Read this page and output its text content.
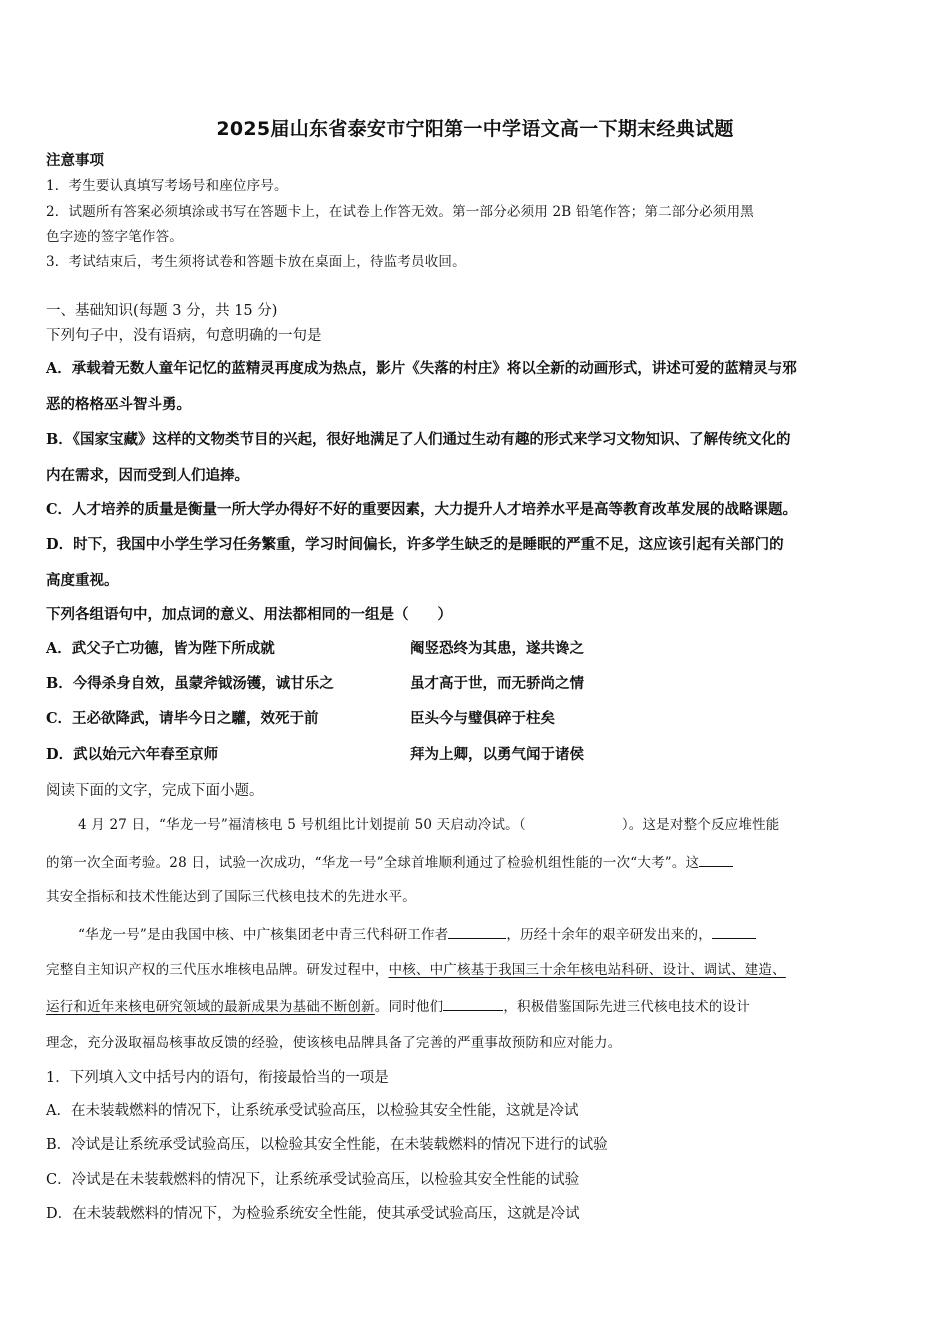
2025届山东省泰安市宁阳第一中学语文高一下期末经典试题
注意事项
1．考生要认真填写考场号和座位序号。
2．试题所有答案必须填涂或书写在答题卡上，在试卷上作答无效。第一部分必须用 2B 铅笔作答；第二部分必须用黑
色字迹的签字笔作答。
3．考试结束后，考生须将试卷和答题卡放在桌面上，待监考员收回。
一、基础知识(每题 3 分，共 15 分)
下列句子中，没有语病，句意明确的一句是
A．承载着无数人童年记忆的蓝精灵再度成为热点，影片《失落的村庄》将以全新的动画形式，讲述可爱的蓝精灵与邪
恶的格格巫斗智斗勇。
B．《国家宝藏》这样的文物类节目的兴起，很好地满足了人们通过生动有趣的形式来学习文物知识、了解传统文化的
内在需求，因而受到人们追捧。
C．人才培养的质量是衡量一所大学办得好不好的重要因素，大力提升人才培养水平是高等教育改革发展的战略课题。
D．时下，我国中小学生学习任务繁重，学习时间偏长，许多学生缺乏的是睡眠的严重不足，这应该引起有关部门的
高度重视。
下列各组语句中，加点词的意义、用法都相同的一组是（　　）
A．武父子亡功德，皆为陛下所成就	阉竖恐终为其患，遂共谗之
B．今得杀身自效，虽蒙斧钺汤镬，诚甘乐之	虽才高于世，而无骄尚之情
C．王必欲降武，请毕今日之驩，效死于前	臣头今与璧俱碎于柱矣
D．武以始元六年春至京师	拜为上卿，以勇气闻于诸侯
阅读下面的文字，完成下面小题。
4 月 27 日，“华龙一号”福清核电 5 号机组比计划提前 50 天启动冷试。（	）。这是对整个反应堆性能
的第一次全面考验。28 日，试验一次成功，“华龙一号”全球首堆顺利通过了检验机组性能的一次“大考”。这
其安全指标和技术性能达到了国际三代核电技术的先进水平。
“华龙一号”是由我国中核、中广核集团老中青三代科研工作者	，历经十余年的艰辛研发出来的，
完整自主知识产权的三代压水堆核电品牌。研发过程中，中核、中广核基于我国三十余年核电站科研、设计、调试、建造、
运行和近年来核电研究领域的最新成果为基础不断创新。同时他们	，积极借鉴国际先进三代核电技术的设计
理念，充分汲取福岛核事故反馈的经验，使该核电品牌具备了完善的严重事故预防和应对能力。
1．下列填入文中括号内的语句，衔接最恰当的一项是
A．在未装载燃料的情况下，让系统承受试验高压，以检验其安全性能，这就是冷试
B．冷试是让系统承受试验高压，以检验其安全性能，在未装载燃料的情况下进行的试验
C．冷试是在未装载燃料的情况下，让系统承受试验高压，以检验其安全性能的试验
D．在未装载燃料的情况下，为检验系统安全性能，使其承受试验高压，这就是冷试
